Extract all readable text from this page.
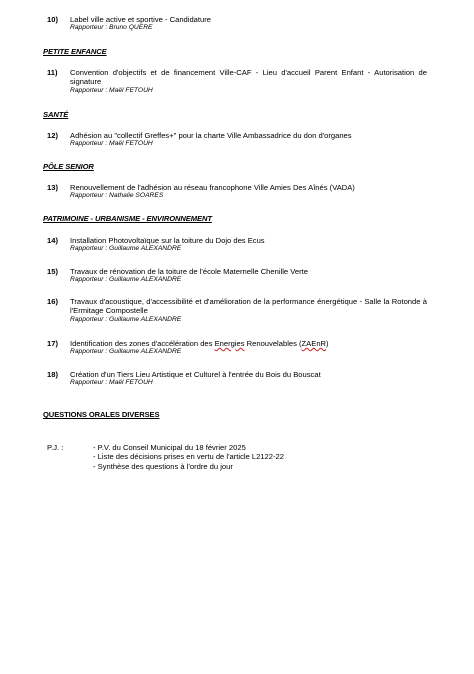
10)	Label ville active et sportive - Candidature
Rapporteur : Bruno QUERE
PETITE ENFANCE
11)	Convention d'objectifs et de financement Ville-CAF - Lieu d'accueil Parent Enfant - Autorisation de signature
Rapporteur : Maël FETOUH
SANTÉ
12)	Adhésion au "collectif Greffes+" pour la charte Ville Ambassadrice du don d'organes
Rapporteur : Maël FETOUH
PÔLE SENIOR
13)	Renouvellement de l'adhésion au réseau francophone Ville Amies Des Aînés (VADA)
Rapporteur : Nathalie SOARES
PATRIMOINE - URBANISME - ENVIRONNEMENT
14)	Installation Photovoltaïque sur la toiture du Dojo des Ecus
Rapporteur : Guillaume ALEXANDRE
15)	Travaux de rénovation de la toiture de l'école Maternelle Chenille Verte
Rapporteur : Guillaume ALEXANDRE
16)	Travaux d'acoustique, d'accessibilité et d'amélioration de la performance énergétique - Salle la Rotonde à l'Ermitage Compostelle
Rapporteur : Guillaume ALEXANDRE
17)	Identification des zones d'accélération des Energies Renouvelables (ZAEnR)
Rapporteur : Guillaume ALEXANDRE
18)	Création d'un Tiers Lieu Artistique et Culturel à l'entrée du Bois du Bouscat
Rapporteur : Maël FETOUH
QUESTIONS ORALES DIVERSES
P.J. :	- P.V. du Conseil Municipal du 18 février 2025
- Liste des décisions prises en vertu de l'article L2122-22
- Synthèse des questions à l'ordre du jour
